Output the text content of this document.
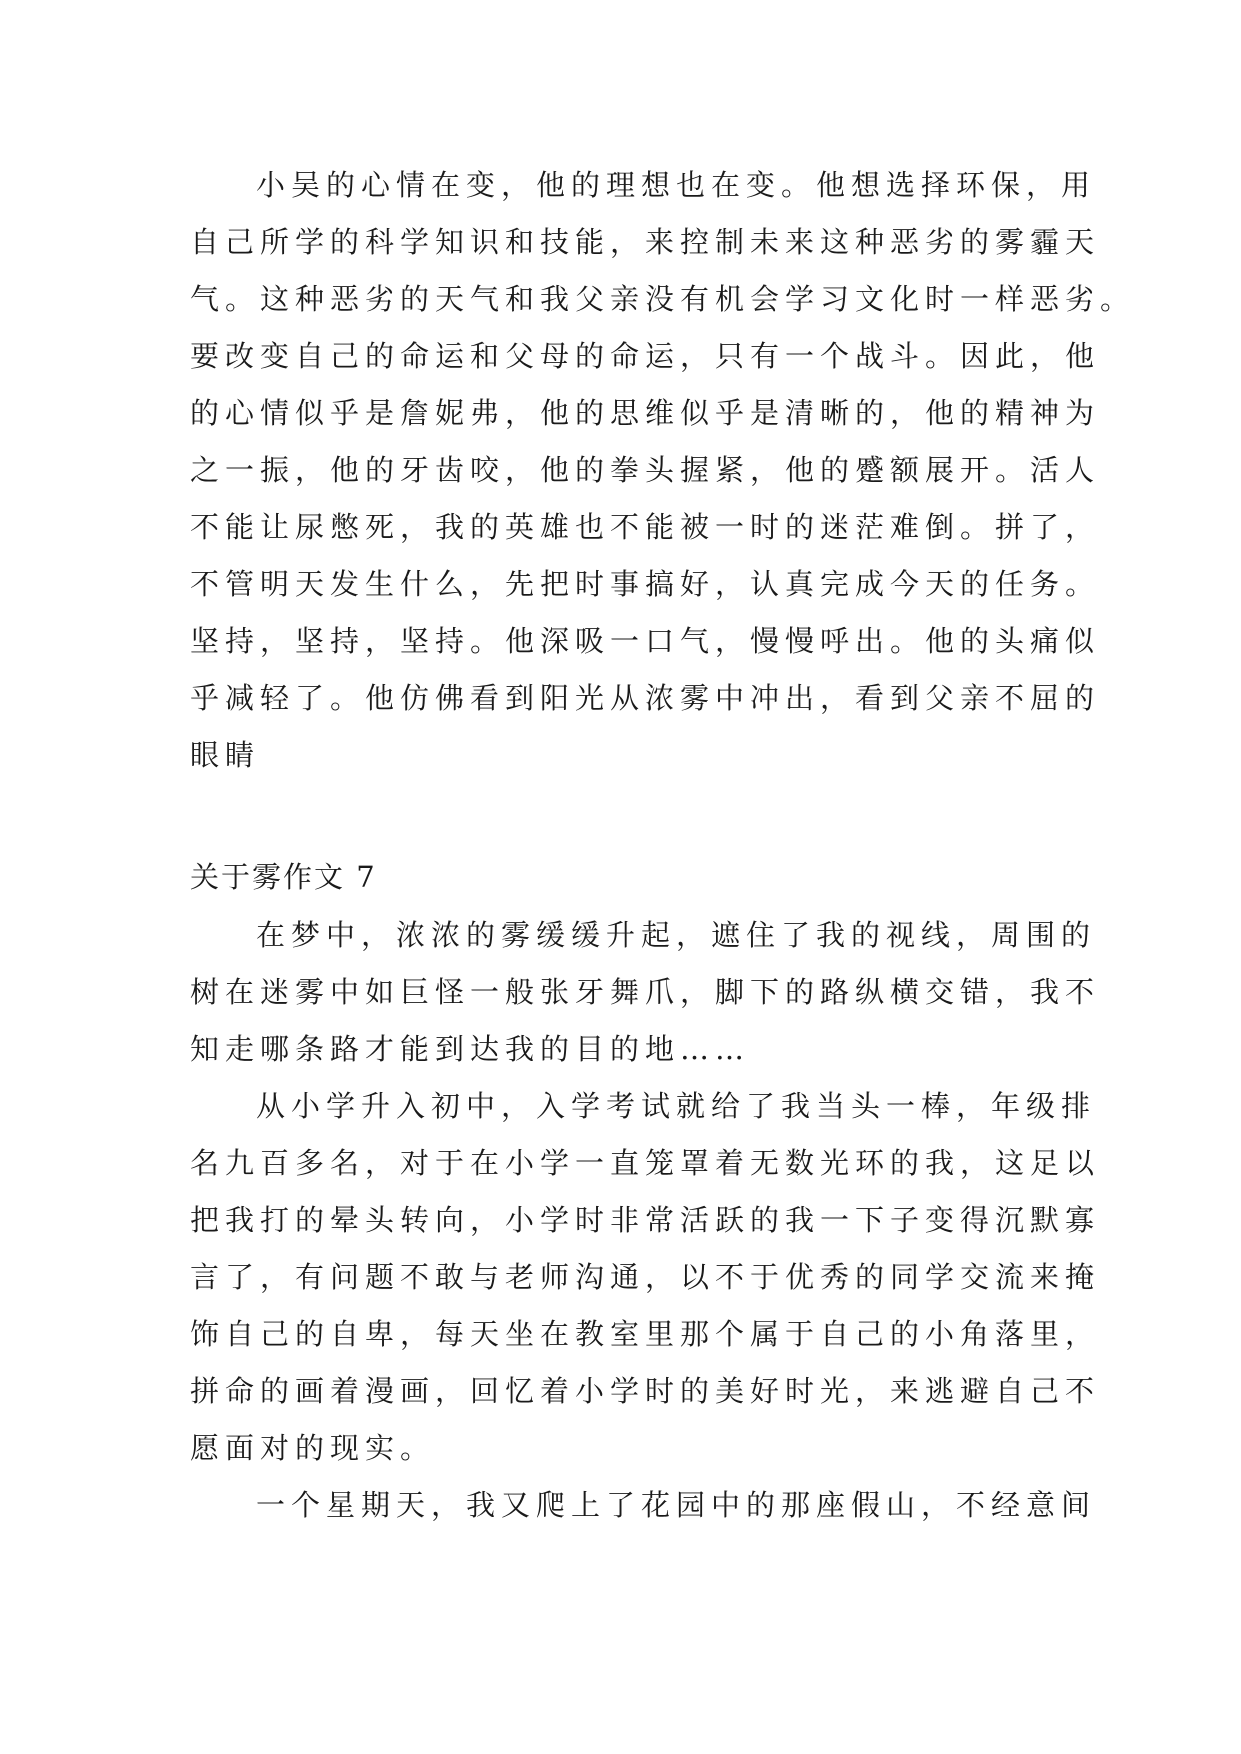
小吴的心情在变，他的理想也在变。他想选择环保，用
自己所学的科学知识和技能，来控制未来这种恶劣的雾霾天
气。这种恶劣的天气和我父亲没有机会学习文化时一样恶劣。
要改变自己的命运和父母的命运，只有一个战斗。因此，他
的心情似乎是詹妮弗，他的思维似乎是清晰的，他的精神为
之一振，他的牙齿咬，他的拳头握紧，他的蹙额展开。活人
不能让尿憋死，我的英雄也不能被一时的迷茫难倒。拼了，
不管明天发生什么，先把时事搞好，认真完成今天的任务。
坚持，坚持，坚持。他深吸一口气，慢慢呼出。他的头痛似
乎减轻了。他仿佛看到阳光从浓雾中冲出，看到父亲不屈的
眼睛
关于雾作文 7
在梦中，浓浓的雾缓缓升起，遮住了我的视线，周围的
树在迷雾中如巨怪一般张牙舞爪，脚下的路纵横交错，我不
知走哪条路才能到达我的目的地……
从小学升入初中，入学考试就给了我当头一棒，年级排
名九百多名，对于在小学一直笼罩着无数光环的我，这足以
把我打的晕头转向，小学时非常活跃的我一下子变得沉默寡
言了，有问题不敢与老师沟通，以不于优秀的同学交流来掩
饰自己的自卑，每天坐在教室里那个属于自己的小角落里，
拼命的画着漫画，回忆着小学时的美好时光，来逃避自己不
愿面对的现实。
一个星期天，我又爬上了花园中的那座假山，不经意间
